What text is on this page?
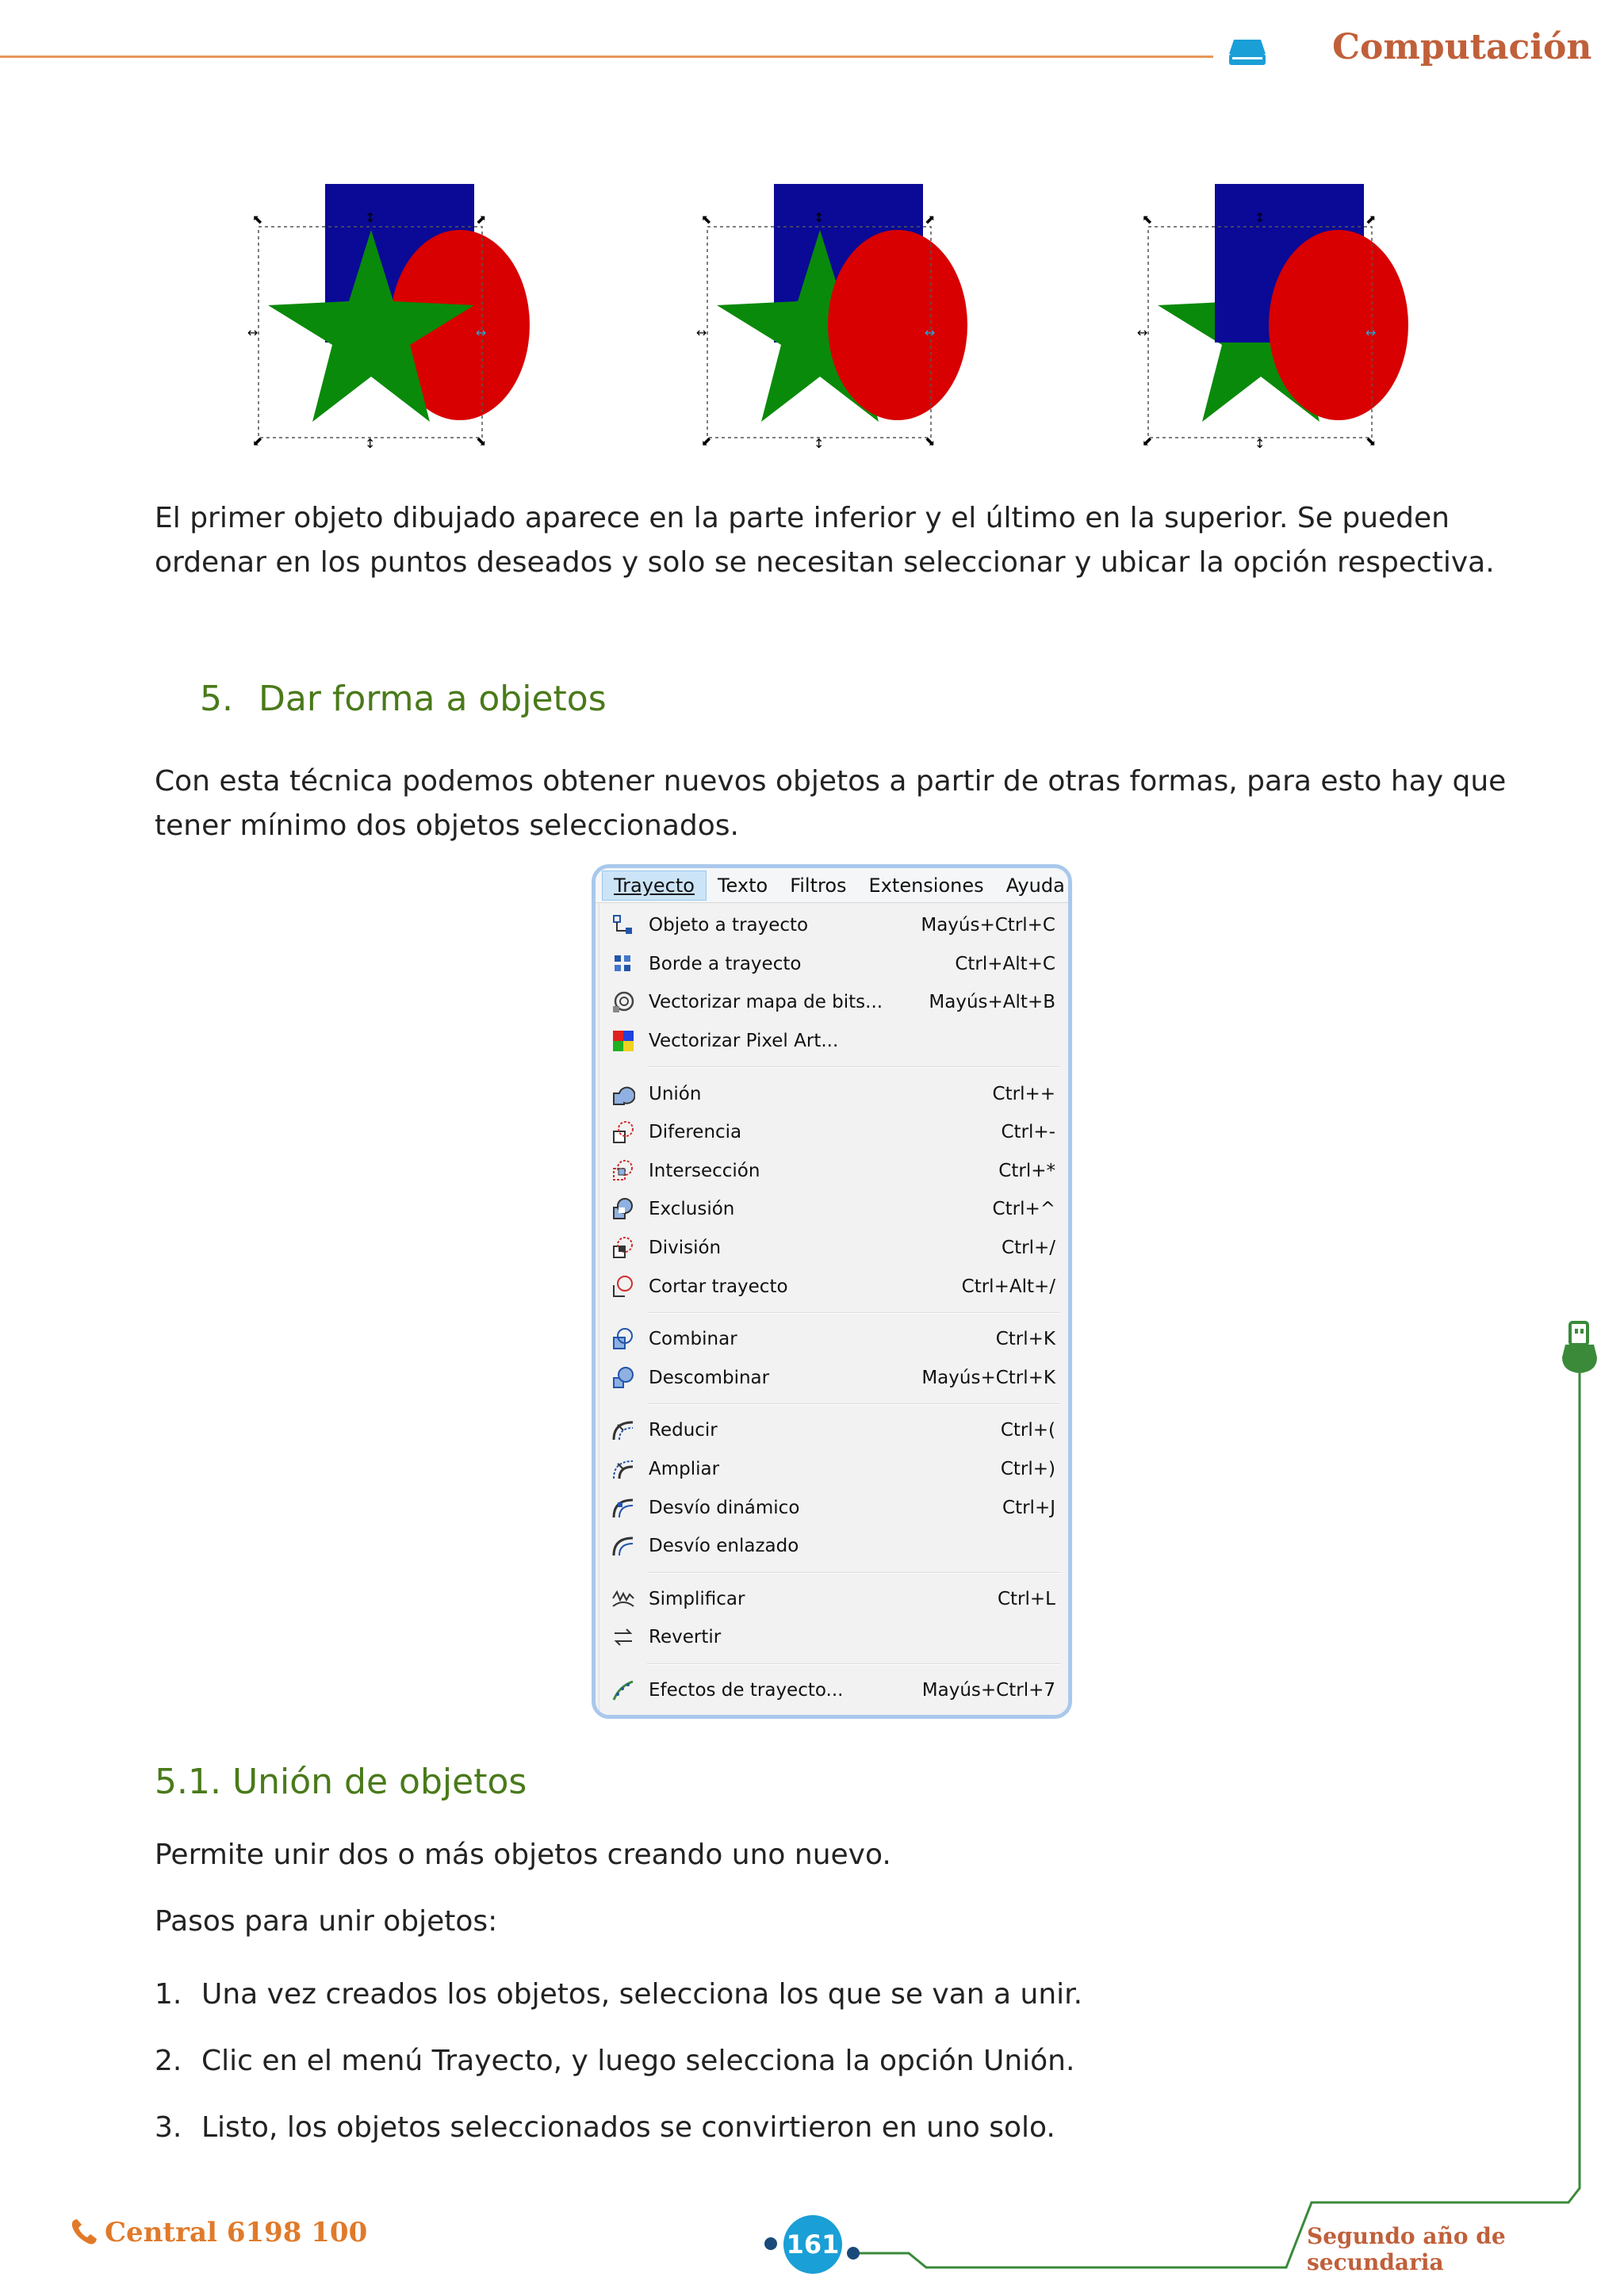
Computación
⬉	⬈
⬋	⬊
↕
↕
↔	↔
⬉	⬈
⬋	⬊
↕
↕
↔	↔
⬉	⬈
⬋	⬊
↕
↕
↔	↔

El primer objeto dibujado aparece en la parte inferior y el último en la superior. Se pueden ordenar en los puntos deseados y solo se necesitan seleccionar y ubicar la opción respectiva.

5. Dar forma a objetos

Con esta técnica podemos obtener nuevos objetos a partir de otras formas, para esto hay que tener mínimo dos objetos seleccionados.

Trayecto	Texto	Filtros	Extensiones	Ayuda
Objeto a trayecto	Mayús+Ctrl+C
Borde a trayecto	Ctrl+Alt+C
Vectorizar mapa de bits...	Mayús+Alt+B
Vectorizar Pixel Art...
Unión	Ctrl++
Diferencia	Ctrl+-
Intersección	Ctrl+*
Exclusión	Ctrl+^
División	Ctrl+/
Cortar trayecto	Ctrl+Alt+/
Combinar	Ctrl+K
Descombinar	Mayús+Ctrl+K
Reducir	Ctrl+(
Ampliar	Ctrl+)
Desvío dinámico	Ctrl+J
Desvío enlazado
Simplificar	Ctrl+L
Revertir
Efectos de trayecto...	Mayús+Ctrl+7
5.1. Unión de objetos

Permite unir dos o más objetos creando uno nuevo.

Pasos para unir objetos:

1. Una vez creados los objetos, selecciona los que se van a unir.
2. Clic en el menú Trayecto, y luego selecciona la opción Unión.
3. Listo, los objetos seleccionados se convirtieron en uno solo.
Central 6198 100	161	Segundo año de secundaria
